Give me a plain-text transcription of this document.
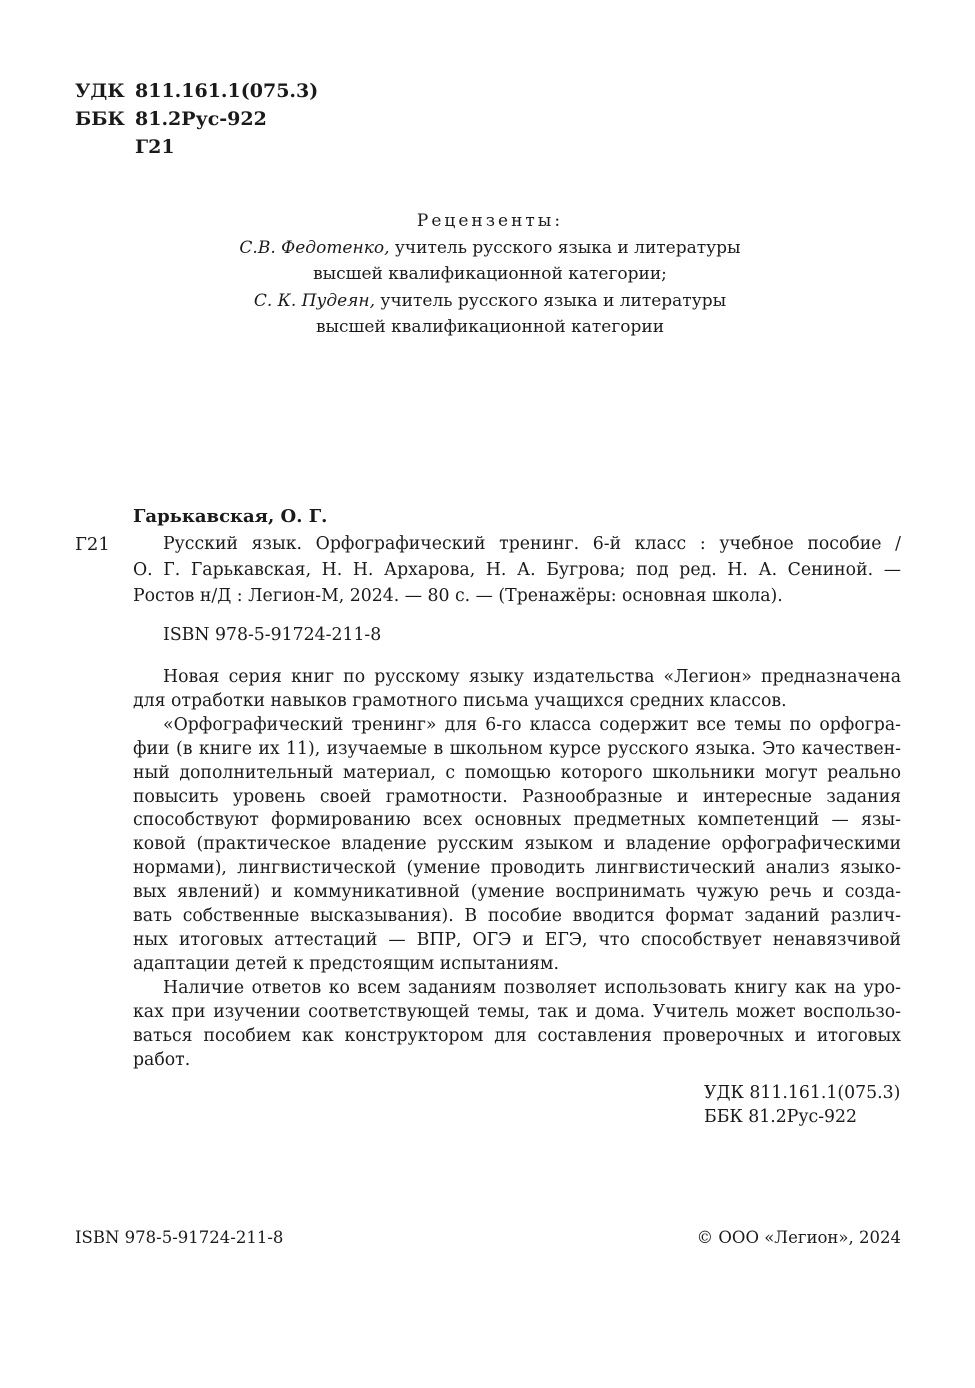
УДК 811.161.1(075.3)
ББК 81.2Рус-922
Г21
Рецензенты:
С.В. Федотенко, учитель русского языка и литературы
высшей квалификационной категории;
С. К. Пудеян, учитель русского языка и литературы
высшей квалификационной категории
Гарькавская, О. Г.
Г21	Русский язык. Орфографический тренинг. 6-й класс : учебное пособие /
О. Г. Гарькавская, Н. Н. Архарова, Н. А. Бугрова; под ред. Н. А. Сениной. —
Ростов н/Д : Легион-М, 2024. — 80 с. — (Тренажёры: основная школа).
ISBN 978-5-91724-211-8
Новая серия книг по русскому языку издательства «Легион» предназначена
для отработки навыков грамотного письма учащихся средних классов.
«Орфографический тренинг» для 6-го класса содержит все темы по орфогра-
фии (в книге их 11), изучаемые в школьном курсе русского языка. Это качествен-
ный дополнительный материал, с помощью которого школьники могут реально
повысить уровень своей грамотности. Разнообразные и интересные задания
способствуют формированию всех основных предметных компетенций — язы-
ковой (практическое владение русским языком и владение орфографическими
нормами), лингвистической (умение проводить лингвистический анализ языко-
вых явлений) и коммуникативной (умение воспринимать чужую речь и созда-
вать собственные высказывания). В пособие вводится формат заданий различ-
ных итоговых аттестаций — ВПР, ОГЭ и ЕГЭ, что способствует ненавязчивой
адаптации детей к предстоящим испытаниям.
Наличие ответов ко всем заданиям позволяет использовать книгу как на уро-
ках при изучении соответствующей темы, так и дома. Учитель может воспользо-
ваться пособием как конструктором для составления проверочных и итоговых
работ.
УДК 811.161.1(075.3)
ББК 81.2Рус-922
ISBN 978-5-91724-211-8	© ООО «Легион», 2024
